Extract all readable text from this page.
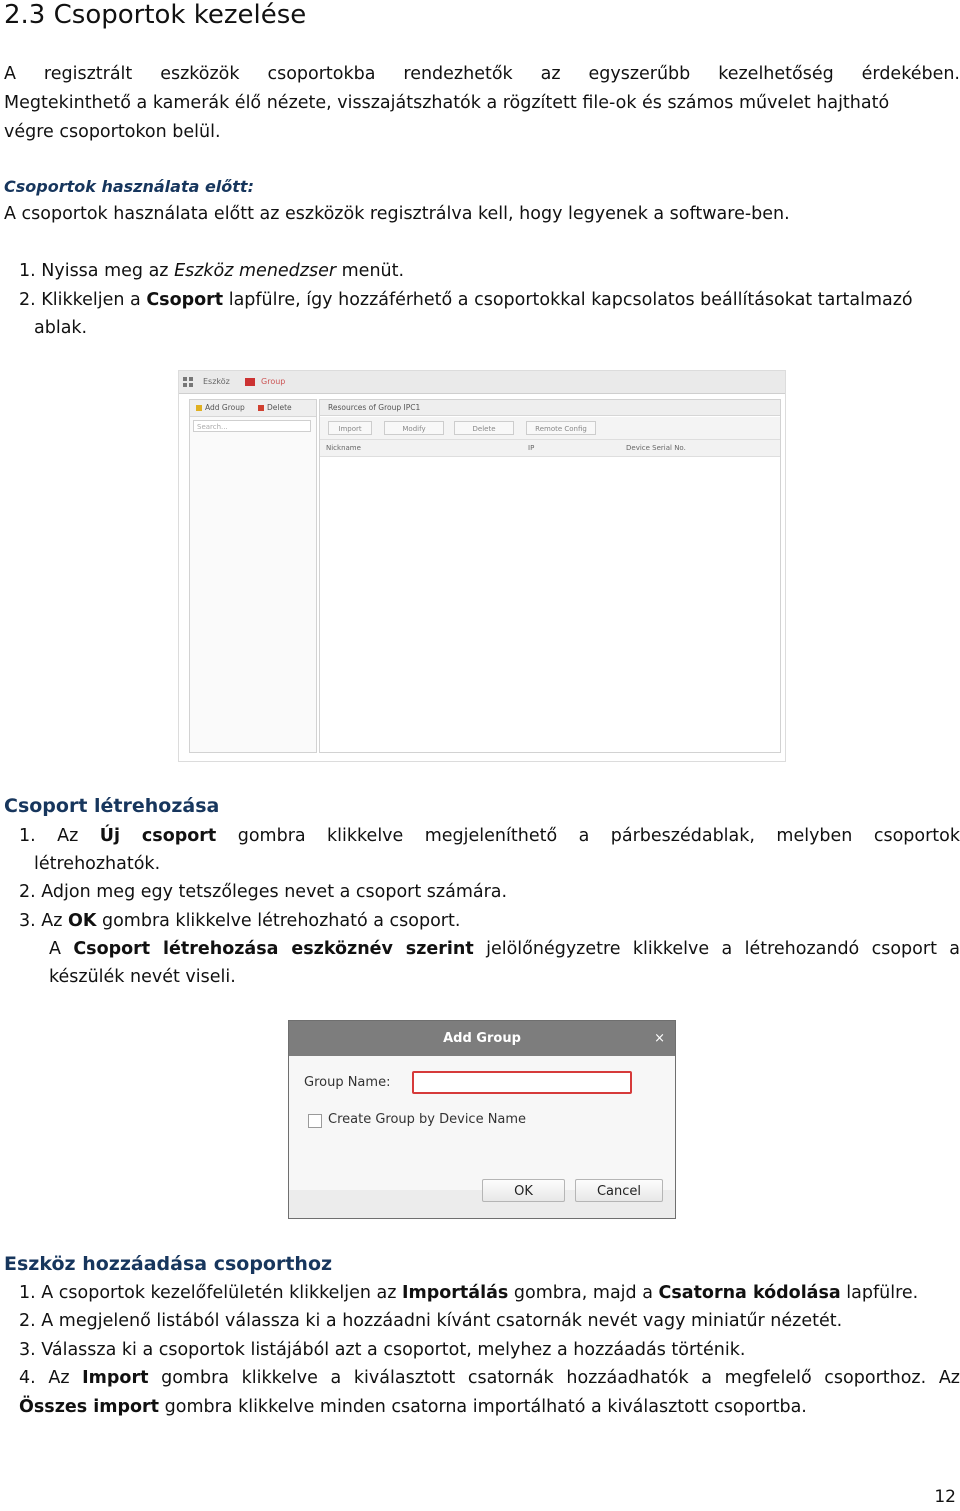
2.3 Csoportok kezelése
A regisztrált eszközök csoportokba rendezhetők az egyszerűbb kezelhetőség érdekében.
Megtekinthető a kamerák élő nézete, visszajátszhatók a rögzített file-ok és számos művelet hajtható
végre csoportokon belül.
Csoportok használata előtt:
A csoportok használata előtt az eszközök regisztrálva kell, hogy legyenek a software-ben.
1. Nyissa meg az Eszköz menedzser menüt.
2. Klikkeljen a Csoport lapfülre, így hozzáférhető a csoportokkal kapcsolatos beállításokat tartalmazó
ablak.
Eszköz	Group
Add Group	Delete
Search...
Resources of Group IPC1
Import	Modify	Delete	Remote Config
Nickname	IP	Device Serial No.
Csoport létrehozása
1. Az Új csoport gombra klikkelve megjeleníthető a párbeszédablak, melyben csoportok
létrehozhatók.
2. Adjon meg egy tetszőleges nevet a csoport számára.
3. Az OK gombra klikkelve létrehozható a csoport.
A Csoport létrehozása eszköznév szerint jelölőnégyzetre klikkelve a létrehozandó csoport a
készülék nevét viseli.
Add Group	×
Group Name:
Create Group by Device Name
OK	Cancel
Eszköz hozzáadása csoporthoz
1. A csoportok kezelőfelületén klikkeljen az Importálás gombra, majd a Csatorna kódolása lapfülre.
2. A megjelenő listából válassza ki a hozzáadni kívánt csatornák nevét vagy miniatűr nézetét.
3. Válassza ki a csoportok listájából azt a csoportot, melyhez a hozzáadás történik.
4. Az Import gombra klikkelve a kiválasztott csatornák hozzáadhatók a megfelelő csoporthoz. Az
Összes import gombra klikkelve minden csatorna importálható a kiválasztott csoportba.
12
